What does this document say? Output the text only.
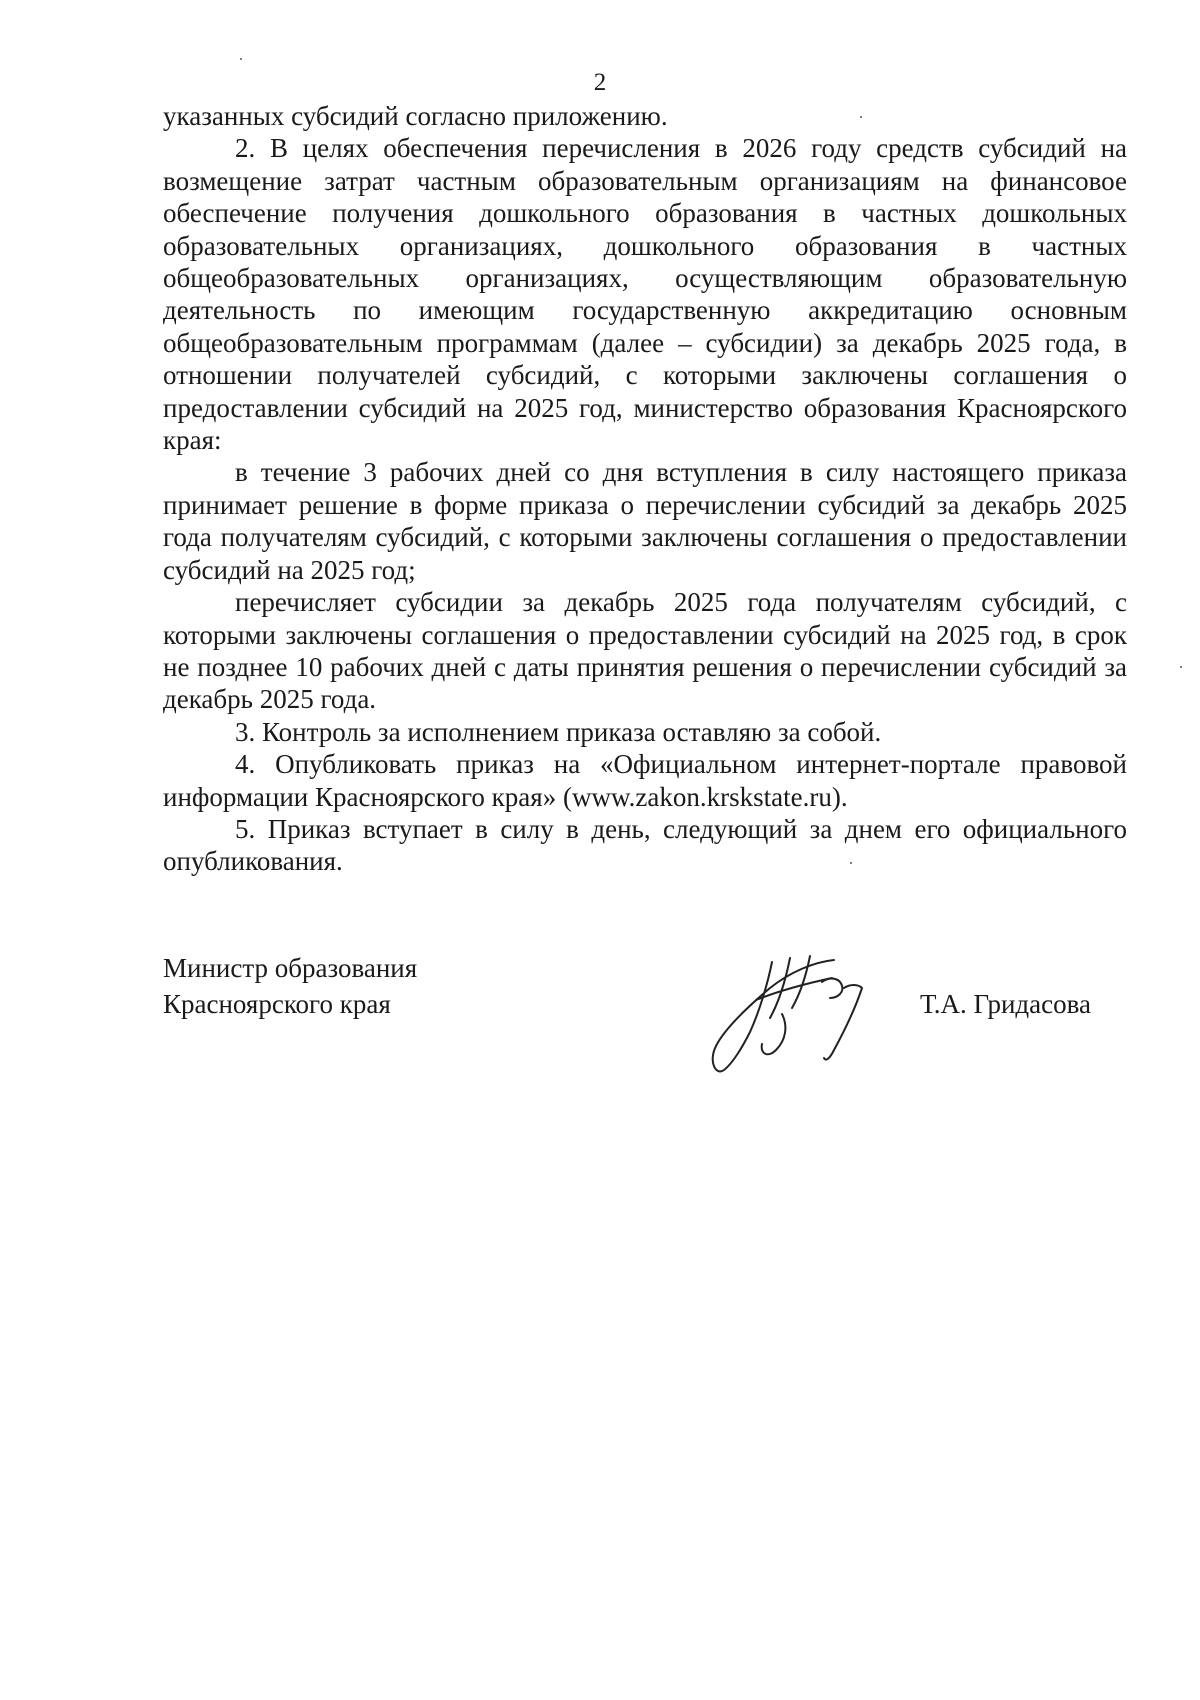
2

указанных субсидий согласно приложению.

2. В целях обеспечения перечисления в 2026 году средств субсидий на возмещение затрат частным образовательным организациям на финансовое обеспечение получения дошкольного образования в частных дошкольных образовательных организациях, дошкольного образования в частных общеобразовательных организациях, осуществляющим образовательную деятельность по имеющим государственную аккредитацию основным общеобразовательным программам (далее – субсидии) за декабрь 2025 года, в отношении получателей субсидий, с которыми заключены соглашения о предоставлении субсидий на 2025 год, министерство образования Красноярского края:

в течение 3 рабочих дней со дня вступления в силу настоящего приказа принимает решение в форме приказа о перечислении субсидий за декабрь 2025 года получателям субсидий, с которыми заключены соглашения о предоставлении субсидий на 2025 год;

перечисляет субсидии за декабрь 2025 года получателям субсидий, с которыми заключены соглашения о предоставлении субсидий на 2025 год, в срок не позднее 10 рабочих дней с даты принятия решения о перечислении субсидий за декабрь 2025 года.

3. Контроль за исполнением приказа оставляю за собой.

4. Опубликовать приказ на «Официальном интернет-портале правовой информации Красноярского края» (www.zakon.krskstate.ru).

5. Приказ вступает в силу в день, следующий за днем его официального опубликования.

Министр образования
Красноярского края	Т.А. Гридасова
